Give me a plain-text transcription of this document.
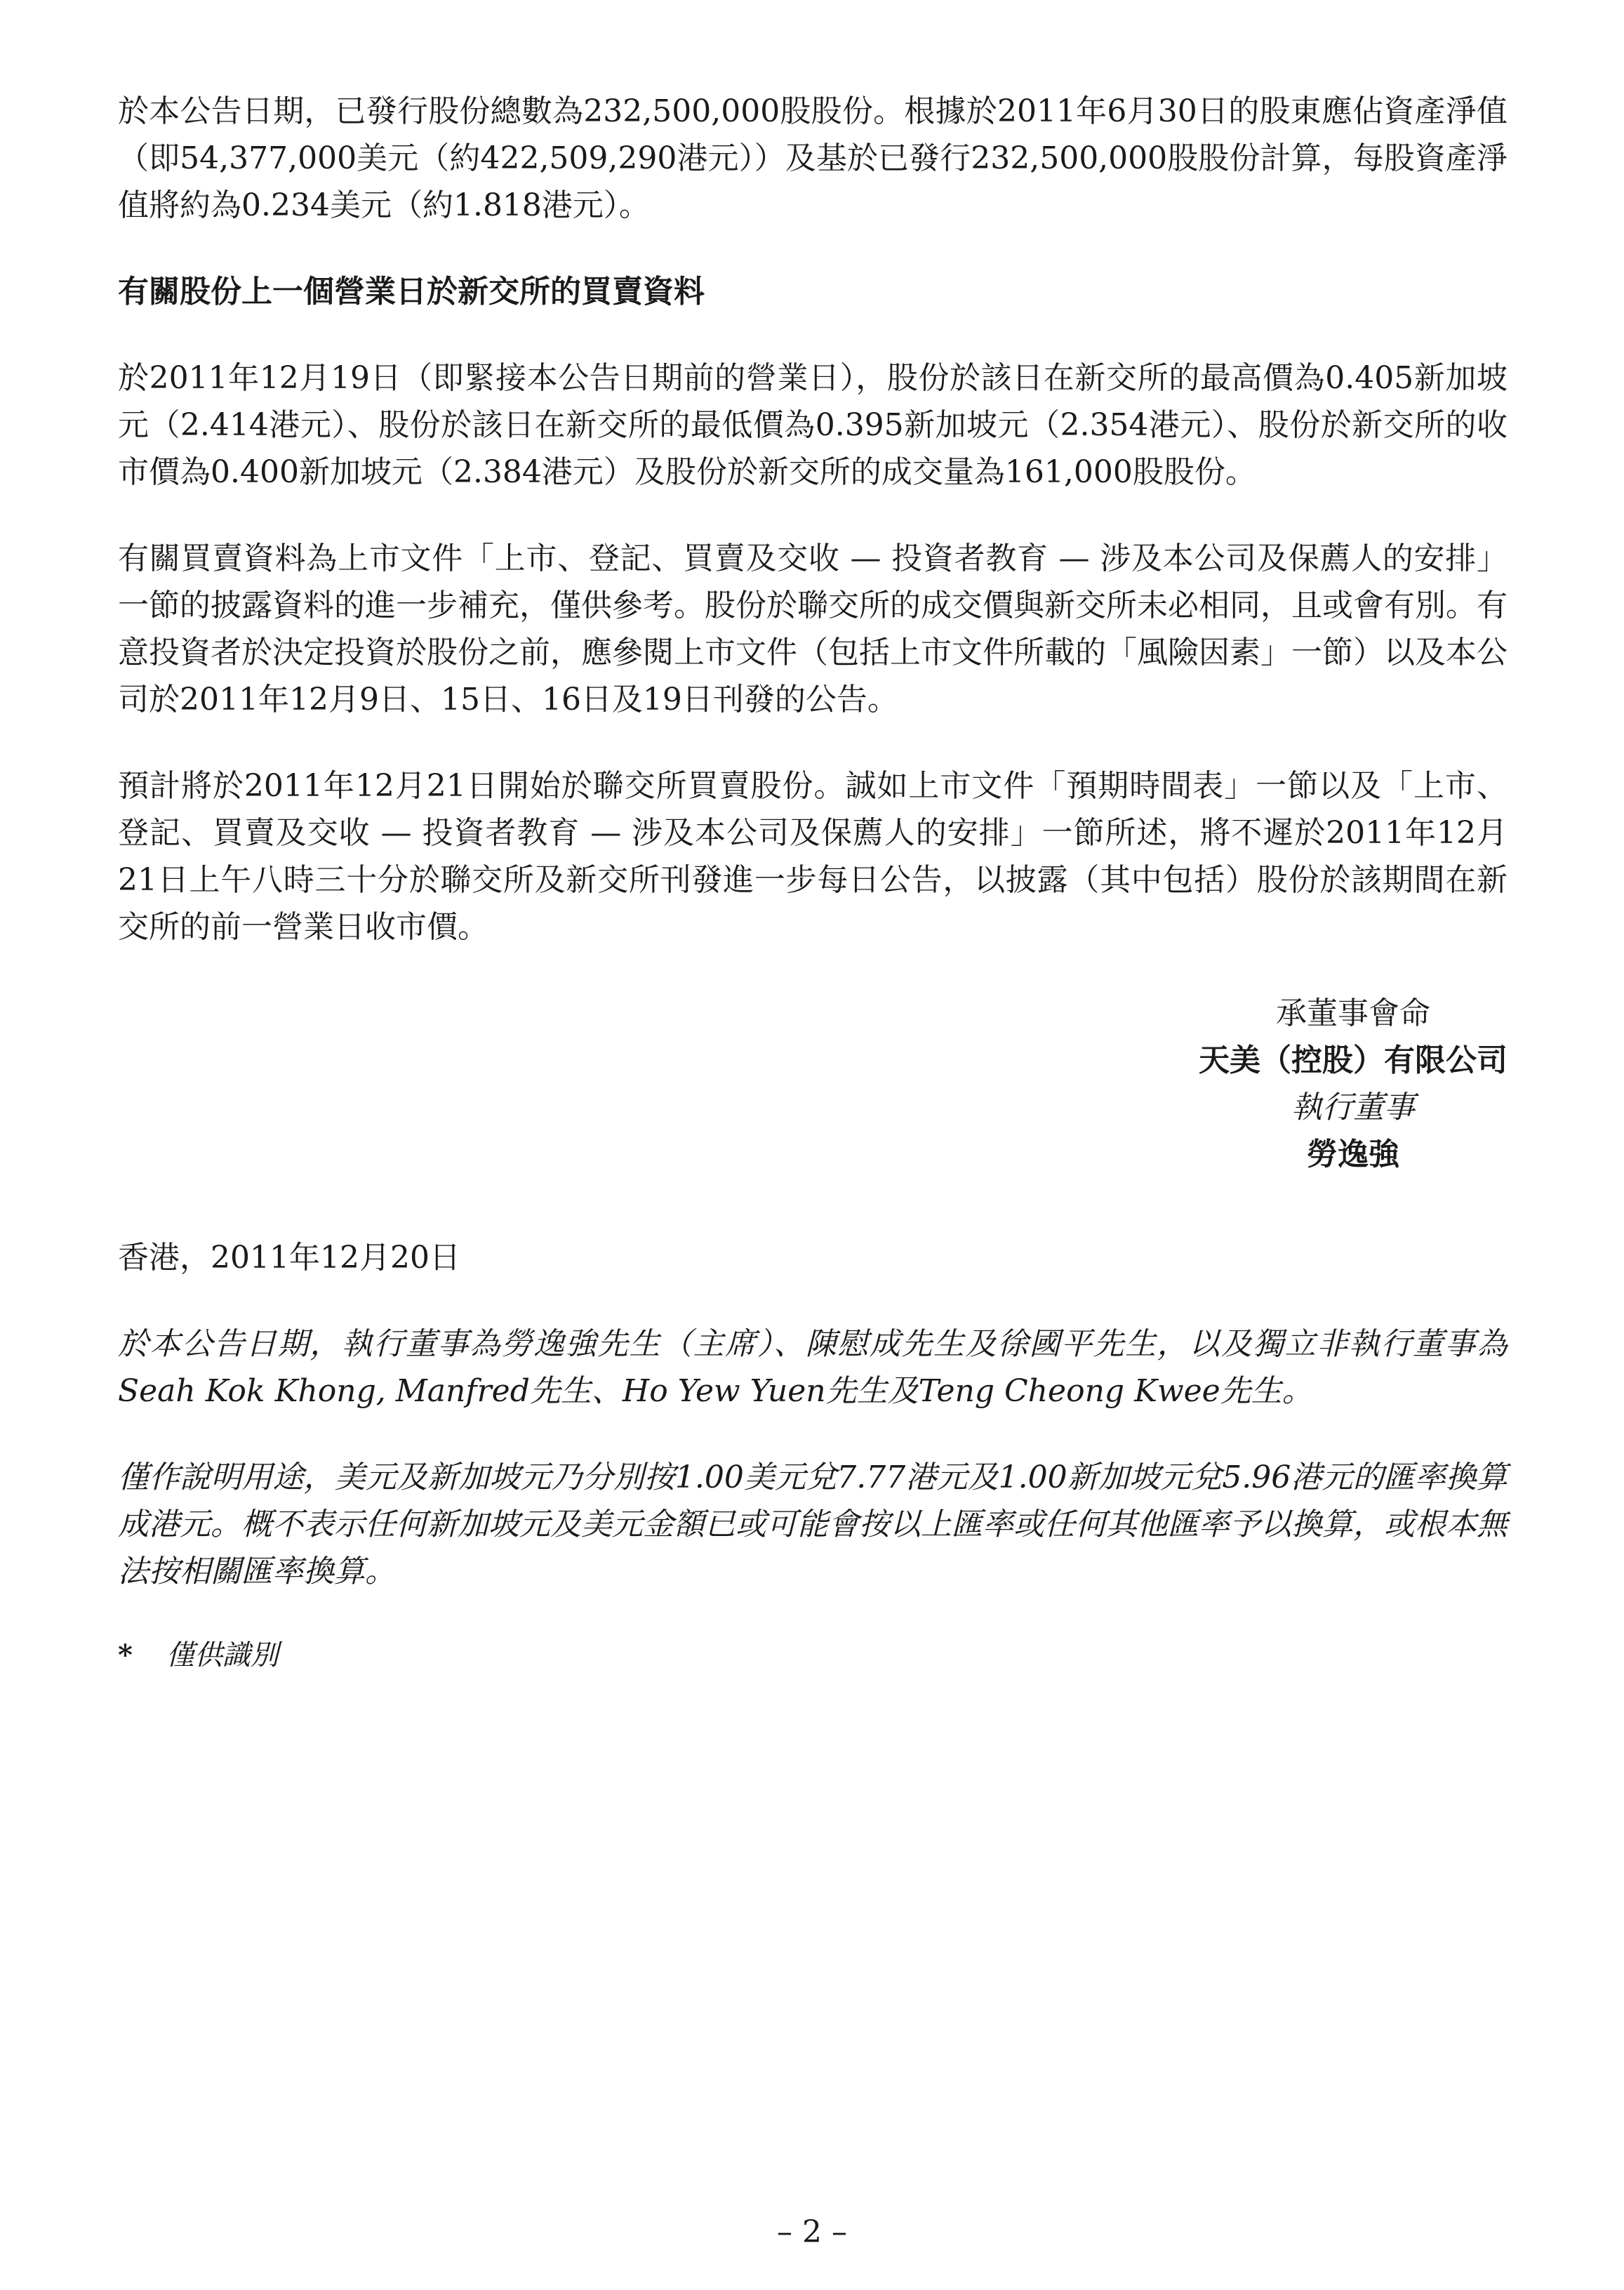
於本公告日期，已發行股份總數為232,500,000股股份。根據於2011年6月30日的股東應佔資產淨值（即54,377,000美元（約422,509,290港元））及基於已發行232,500,000股股份計算，每股資產淨值將約為0.234美元（約1.818港元）。

有關股份上一個營業日於新交所的買賣資料

於2011年12月19日（即緊接本公告日期前的營業日），股份於該日在新交所的最高價為0.405新加坡元（2.414港元）、股份於該日在新交所的最低價為0.395新加坡元（2.354港元）、股份於新交所的收市價為0.400新加坡元（2.384港元）及股份於新交所的成交量為161,000股股份。

有關買賣資料為上市文件「上市、登記、買賣及交收 — 投資者教育 — 涉及本公司及保薦人的安排」一節的披露資料的進一步補充，僅供參考。股份於聯交所的成交價與新交所未必相同，且或會有別。有意投資者於決定投資於股份之前，應參閱上市文件（包括上市文件所載的「風險因素」一節）以及本公司於2011年12月9日、15日、16日及19日刊發的公告。

預計將於2011年12月21日開始於聯交所買賣股份。誠如上市文件「預期時間表」一節以及「上市、登記、買賣及交收 — 投資者教育 — 涉及本公司及保薦人的安排」一節所述，將不遲於2011年12月21日上午八時三十分於聯交所及新交所刊發進一步每日公告，以披露（其中包括）股份於該期間在新交所的前一營業日收市價。

承董事會命
天美（控股）有限公司
執行董事
勞逸強

香港，2011年12月20日

於本公告日期，執行董事為勞逸強先生（主席）、陳慰成先生及徐國平先生，以及獨立非執行董事為Seah Kok Khong, Manfred先生、Ho Yew Yuen先生及Teng Cheong Kwee先生。

僅作說明用途，美元及新加坡元乃分別按1.00美元兌7.77港元及1.00新加坡元兌5.96港元的匯率換算成港元。概不表示任何新加坡元及美元金額已或可能會按以上匯率或任何其他匯率予以換算，或根本無法按相關匯率換算。

* 僅供識別

– 2 –
